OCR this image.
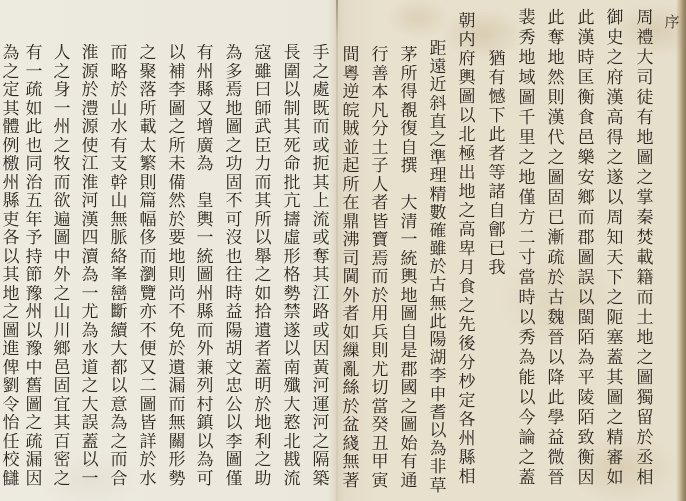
序
周
禮
大
司
徒
有
地
圖
之
掌
秦
焚
載
籍
而
土
地
之
圖
獨
留
於
丞
相
御
史
之
府
漢
高
得
之
遂
以
周
知
天
下
之
阨
塞
蓋
其
圖
之
精
審
如
此
漢
時
匡
衡
食
邑
樂
安
鄉
而
郡
圖
誤
以
閩
陌
為
平
陵
陌
致
衡
因
此
奪
地
然
則
漢
代
之
圖
固
已
漸
疏
於
古
魏
晉
以
降
此
學
益
微
晉
裴
秀
地
域
圖
千
里
之
地
僅
方
二
寸
當
時
以
秀
為
能
以
今
論
之
蓋
猶
有
憾
下
此
者
等
諸
自
鄶
已
我
朝
内
府
輿
圖
以
北
極
出
地
之
高
卑
月
食
之
先
後
分
杪
定
各
州
縣
相
距
遠
近
斜
直
之
準
理
精
數
確
雖
於
古
無
此
陽
湖
李
申
耆
以
為
非
草
茅
所
得
覩
復
自
撰

大
清
一
統
輿
地
圖
自
是
郡
國
之
圖
始
有
通
行
善
本
凡
分
土
子
人
者
皆
寶
焉
而
於
用
兵
則
尤
切
當
癸
丑
甲
寅
間
粵
逆
皖
賊
並
起
所
在
鼎
沸
司
閫
外
者
如
繅
亂
絲
於
盆
綫
無
著
手
之
處
既
而
或
扼
其
上
流
或
奪
其
江
路
或
因
黃
河
運
河
之
隔
築
長
圍
以
制
其
死
命
批
亢
擣
虛
形
格
勢
禁
遂
以
南
殲
大
憝
北
戡
流
寇
雖
曰
師
武
臣
力
而
其
所
以
舉
之
如
拾
遺
者
蓋
明
於
地
利
之
助
為
多
焉
地
圖
之
功
固
不
可
沒
也
往
時
益
陽
胡
文
忠
公
以
李
圖
僅
有
州
縣
又
增
廣
為

皇
輿
一
統
圖
州
縣
而
外
兼
列
村
鎮
以
為
可
以
補
李
圖
之
所
未
備
然
於
要
地
則
尚
不
免
於
遺
漏
而
無
關
形
勢
之
聚
落
所
載
太
繁
則
篇
幅
侈
而
瀏
覽
亦
不
便
又
二
圖
皆
詳
於
水
而
略
於
山
水
有
支
幹
山
無
脈
絡
峯
巒
斷
續
大
都
以
意
為
之
而
合
淮
源
於
澧
源
使
江
淮
河
漢
四
瀆
為
一
尤
為
水
道
之
大
誤
蓋
以
一
人
之
身
一
州
之
牧
而
欲
遍
圖
中
外
之
山
川
鄉
邑
固
宜
其
百
密
之
有
一
疏
如
此
也
同
治
五
年
予
持
節
豫
州
以
豫
中
舊
圖
之
疏
漏
因
為
之
定
其
體
例
檄
州
縣
吏
各
以
其
地
之
圖
進
俾
劉
令
怡
任
校
讎
